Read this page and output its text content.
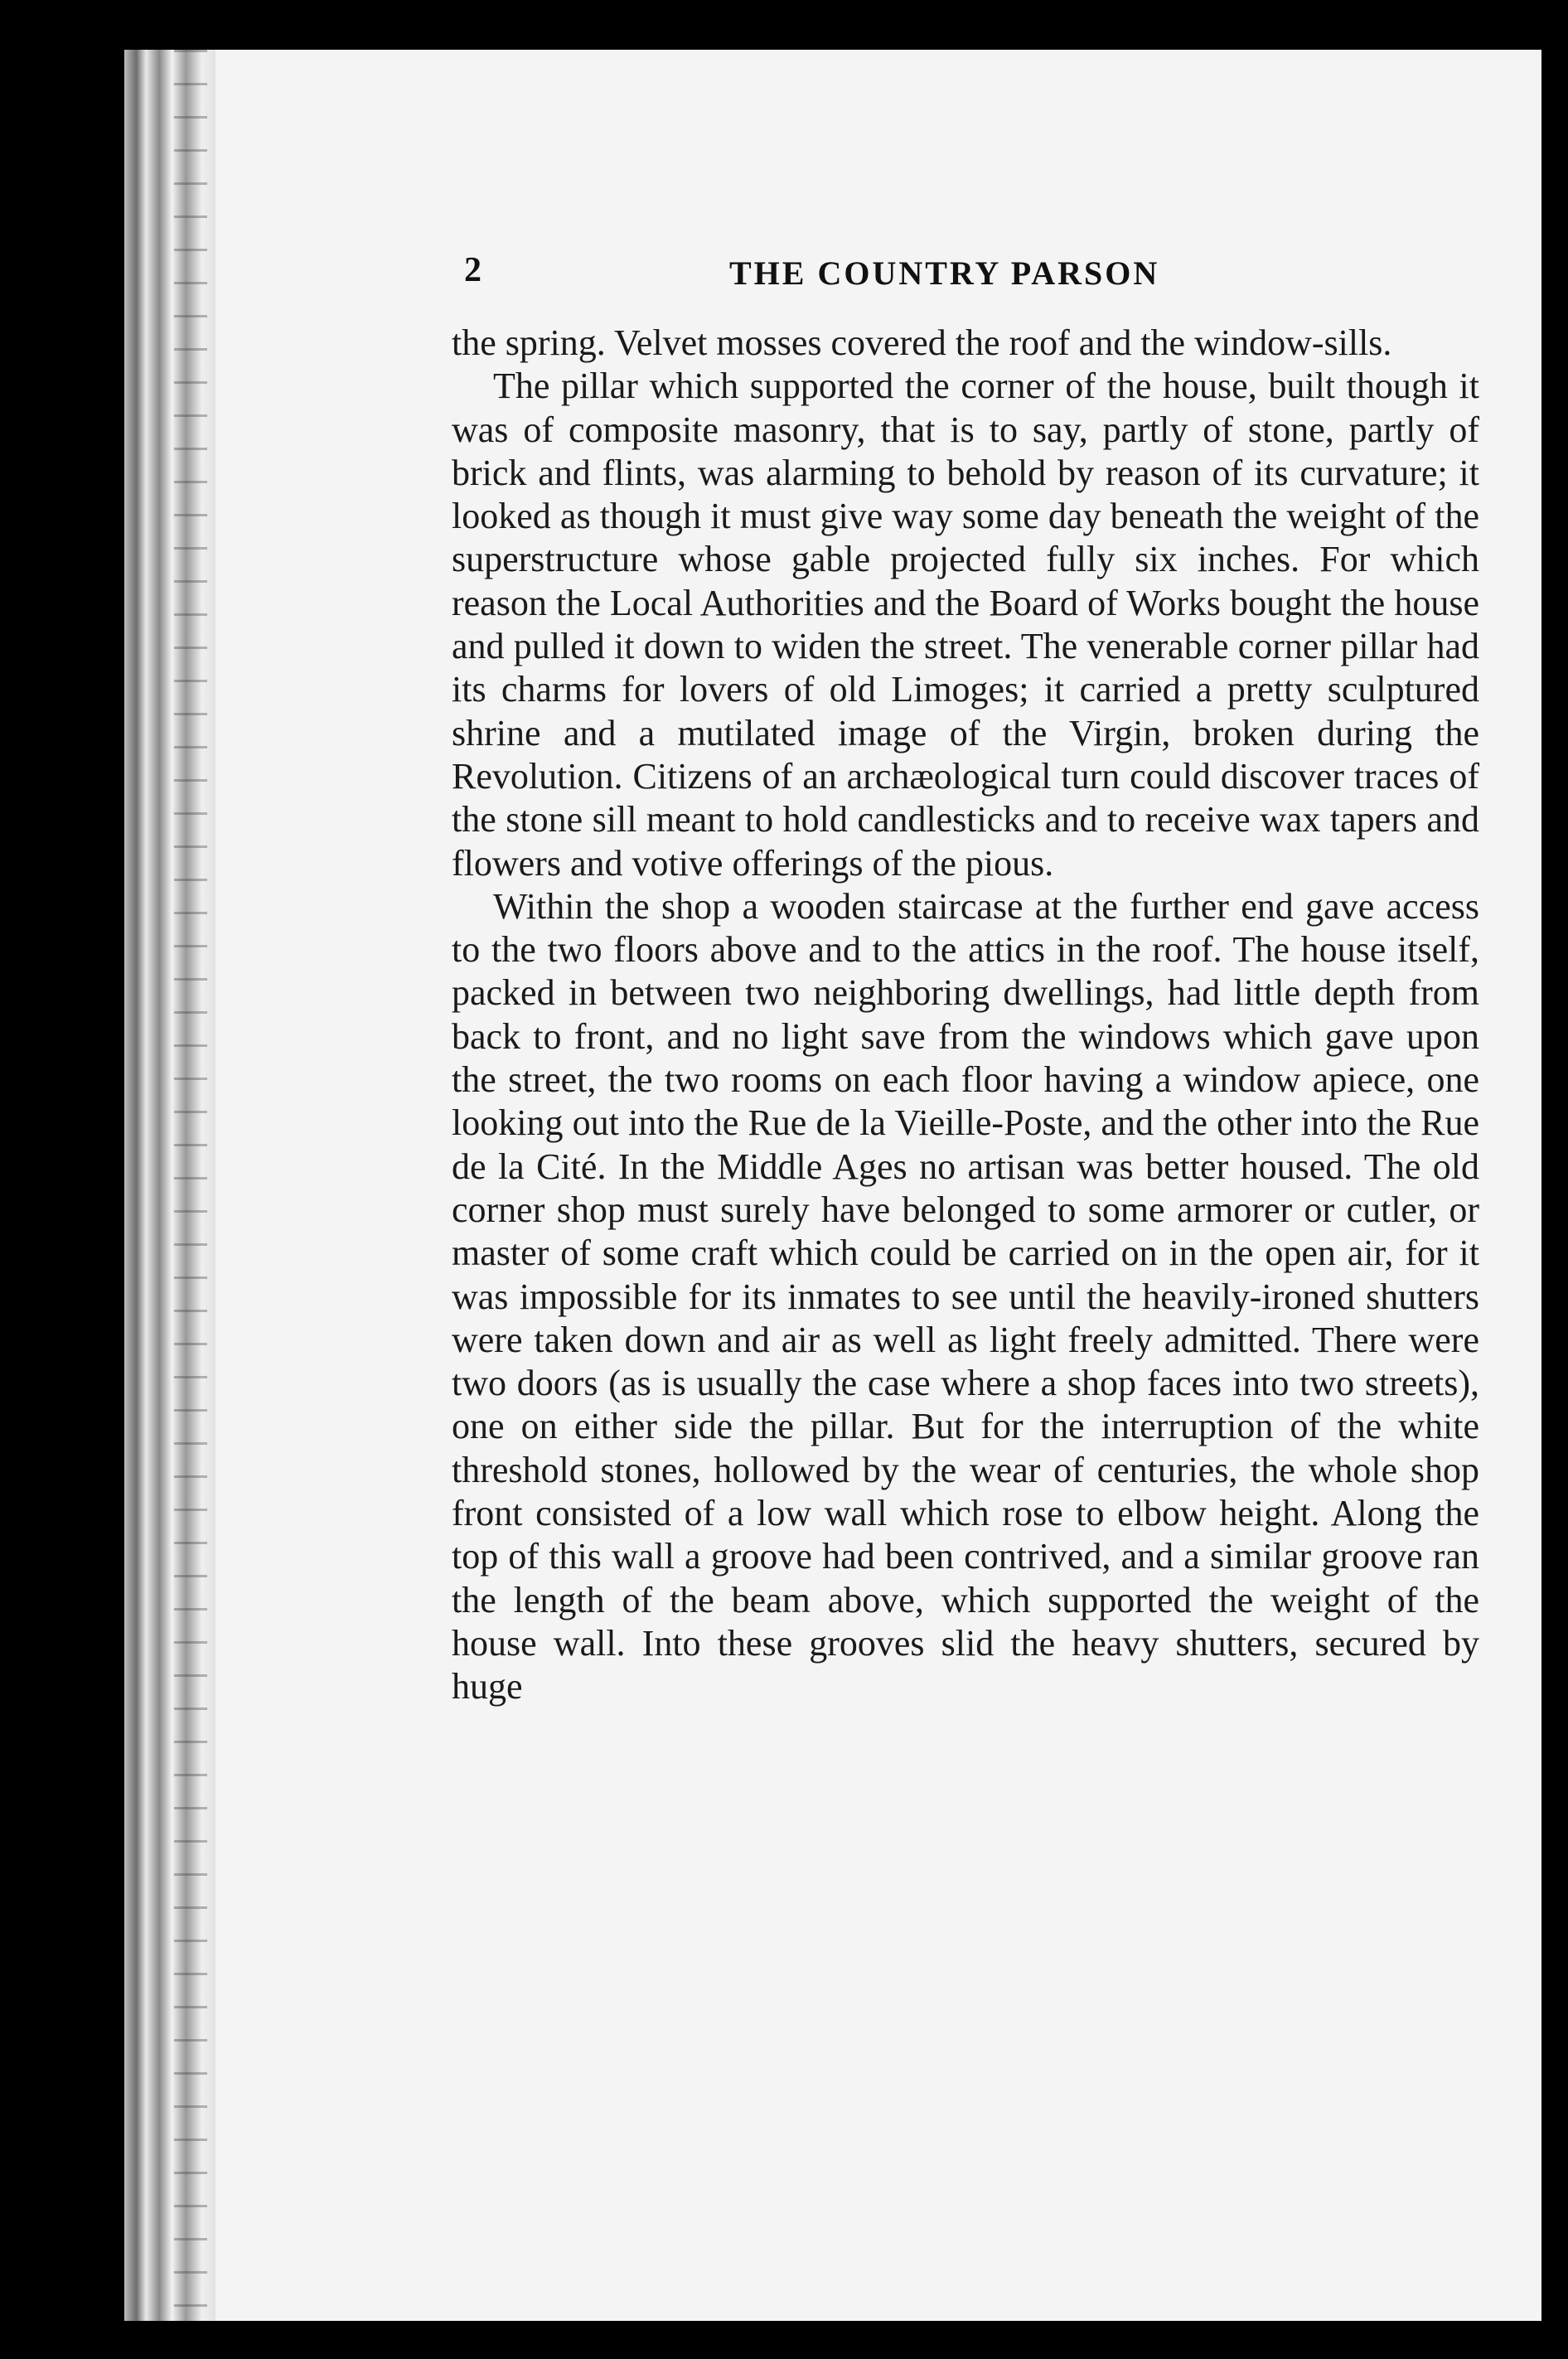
2	THE COUNTRY PARSON

the spring. Velvet mosses covered the roof and the window-sills.

The pillar which supported the corner of the house, built though it was of composite masonry, that is to say, partly of stone, partly of brick and flints, was alarming to behold by reason of its curvature; it looked as though it must give way some day beneath the weight of the superstructure whose gable projected fully six inches. For which reason the Local Authorities and the Board of Works bought the house and pulled it down to widen the street. The venerable corner pillar had its charms for lovers of old Limoges; it carried a pretty sculptured shrine and a mutilated image of the Virgin, broken during the Revolution. Citizens of an archæological turn could discover traces of the stone sill meant to hold candlesticks and to receive wax tapers and flowers and votive offerings of the pious.

Within the shop a wooden staircase at the further end gave access to the two floors above and to the attics in the roof. The house itself, packed in between two neighboring dwellings, had little depth from back to front, and no light save from the windows which gave upon the street, the two rooms on each floor having a window apiece, one looking out into the Rue de la Vieille-Poste, and the other into the Rue de la Cité. In the Middle Ages no artisan was better housed. The old corner shop must surely have belonged to some armorer or cutler, or master of some craft which could be carried on in the open air, for it was impossible for its inmates to see until the heavily-ironed shutters were taken down and air as well as light freely admitted. There were two doors (as is usually the case where a shop faces into two streets), one on either side the pillar. But for the interruption of the white threshold stones, hollowed by the wear of centuries, the whole shop front consisted of a low wall which rose to elbow height. Along the top of this wall a groove had been contrived, and a similar groove ran the length of the beam above, which supported the weight of the house wall. Into these grooves slid the heavy shutters, secured by huge
